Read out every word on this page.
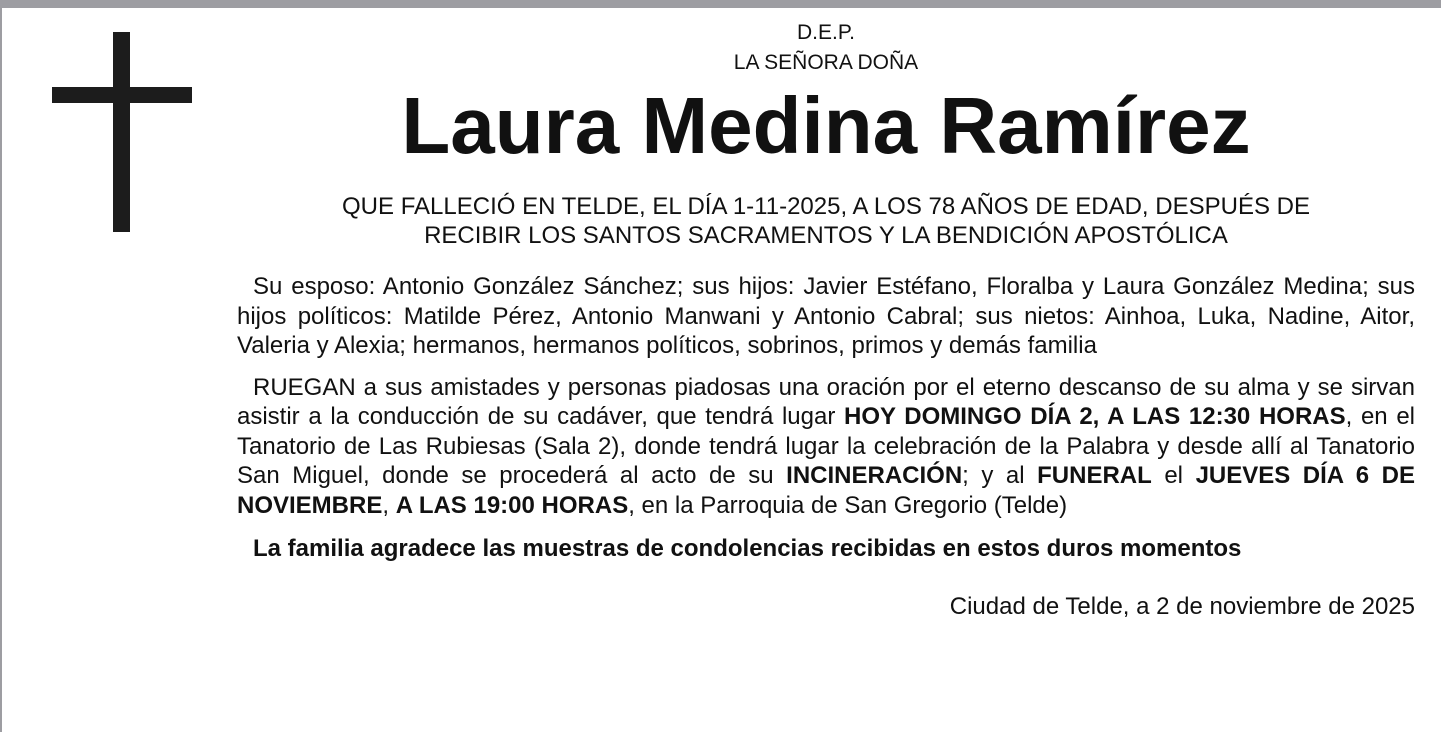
D.E.P.
LA SEÑORA DOÑA
Laura Medina Ramírez
QUE FALLECIÓ EN TELDE, EL DÍA 1-11-2025, A LOS 78 AÑOS DE EDAD, DESPUÉS DE
RECIBIR LOS SANTOS SACRAMENTOS Y LA BENDICIÓN APOSTÓLICA

Su esposo: Antonio González Sánchez; sus hijos: Javier Estéfano, Floralba y Laura González Medina; sus hijos políticos: Matilde Pérez, Antonio Manwani y Antonio Cabral; sus nietos: Ainhoa, Luka, Nadine, Aitor, Valeria y Alexia; hermanos, hermanos políticos, sobrinos, primos y demás familia

RUEGAN a sus amistades y personas piadosas una oración por el eterno descanso de su alma y se sirvan asistir a la conducción de su cadáver, que tendrá lugar HOY DOMINGO DÍA 2, A LAS 12:30 HORAS, en el Tanatorio de Las Rubiesas (Sala 2), donde tendrá lugar la celebración de la Palabra y desde allí al Tanatorio San Miguel, donde se procederá al acto de su INCINERACIÓN; y al FUNERAL el JUEVES DÍA 6 DE NOVIEMBRE, A LAS 19:00 HORAS, en la Parroquia de San Gregorio (Telde)

La familia agradece las muestras de condolencias recibidas en estos duros momentos
Ciudad de Telde, a 2 de noviembre de 2025
